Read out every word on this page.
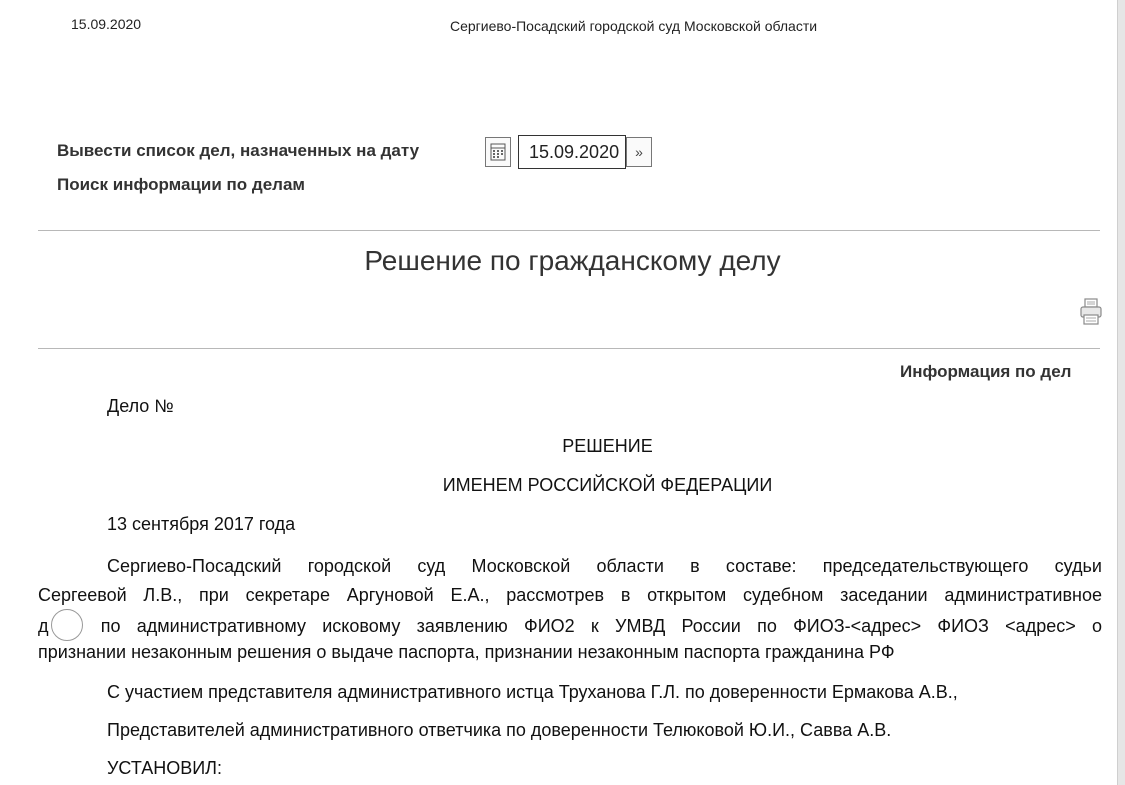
15.09.2020	Сергиево-Посадский городской суд Московской области
Вывести список дел, назначенных на дату	15.09.2020	»
Поиск информации по делам
Решение по гражданскому делу
Информация по дел
Дело №
РЕШЕНИЕ
ИМЕНЕМ РОССИЙСКОЙ ФЕДЕРАЦИИ
13 сентября 2017 года
Сергиево-Посадский городской суд Московской области в составе: председательствующего судьи
Сергеевой Л.В., при секретаре Аргуновой Е.А., рассмотрев в открытом судебном заседании административное
д	по административному исковому заявлению ФИО2 к УМВД России по ФИОЗ-<адрес> ФИОЗ <адрес> о
признании незаконным решения о выдаче паспорта, признании незаконным паспорта гражданина РФ
С участием представителя административного истца Труханова Г.Л. по доверенности Ермакова А.В.,
Представителей административного ответчика по доверенности Телюковой Ю.И., Савва А.В.
УСТАНОВИЛ:
